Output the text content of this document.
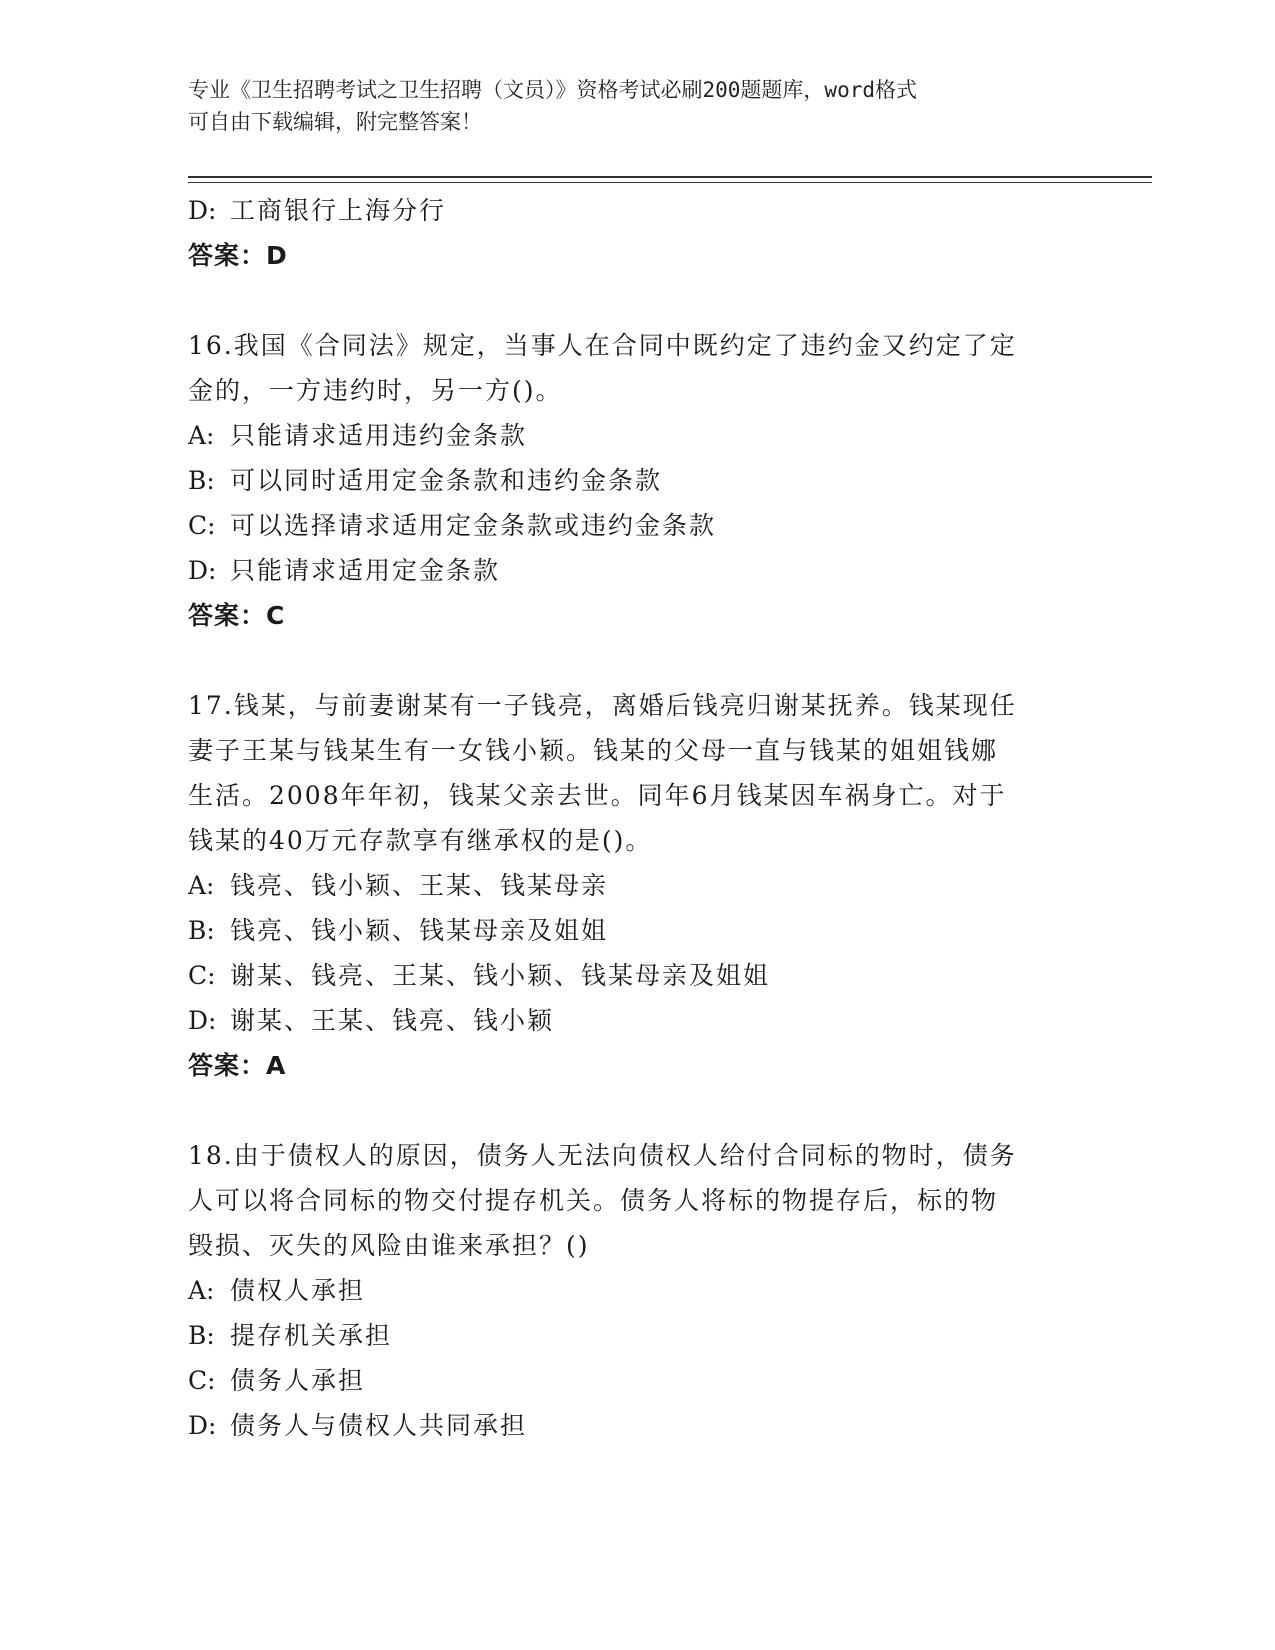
专业《卫生招聘考试之卫生招聘（文员）》资格考试必刷200题题库，word格式
可自由下载编辑，附完整答案！
D: 工商银行上海分行
答案：D
16.我国《合同法》规定，当事人在合同中既约定了违约金又约定了定
金的，一方违约时，另一方()。
A: 只能请求适用违约金条款
B: 可以同时适用定金条款和违约金条款
C: 可以选择请求适用定金条款或违约金条款
D: 只能请求适用定金条款
答案：C
17.钱某，与前妻谢某有一子钱亮，离婚后钱亮归谢某抚养。钱某现任
妻子王某与钱某生有一女钱小颖。钱某的父母一直与钱某的姐姐钱娜
生活。2008年年初，钱某父亲去世。同年6月钱某因车祸身亡。对于
钱某的40万元存款享有继承权的是()。
A: 钱亮、钱小颖、王某、钱某母亲
B: 钱亮、钱小颖、钱某母亲及姐姐
C: 谢某、钱亮、王某、钱小颖、钱某母亲及姐姐
D: 谢某、王某、钱亮、钱小颖
答案：A
18.由于债权人的原因，债务人无法向债权人给付合同标的物时，债务
人可以将合同标的物交付提存机关。债务人将标的物提存后，标的物
毁损、灭失的风险由谁来承担？()
A: 债权人承担
B: 提存机关承担
C: 债务人承担
D: 债务人与债权人共同承担
